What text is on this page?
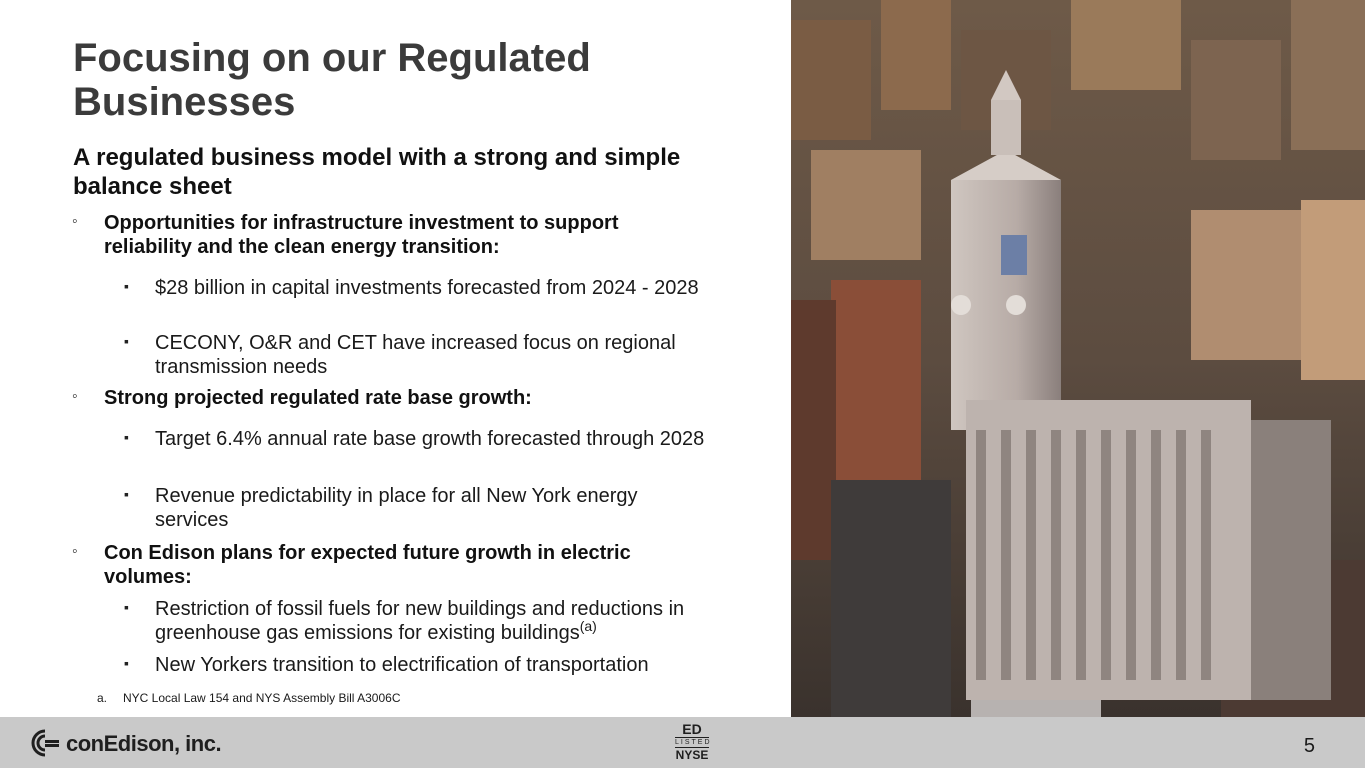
Focusing on our Regulated Businesses
A regulated business model with a strong and simple balance sheet
◦ Opportunities for infrastructure investment to support reliability and the clean energy transition:
▪ $28 billion in capital investments forecasted from 2024 - 2028
▪ CECONY, O&R and CET have increased focus on regional transmission needs
◦ Strong projected regulated rate base growth:
▪ Target 6.4% annual rate base growth forecasted through 2028
▪ Revenue predictability in place for all New York energy services
◦ Con Edison plans for expected future growth in electric volumes:
▪ Restriction of fossil fuels for new buildings and reductions in greenhouse gas emissions for existing buildings$^{(a)}$
▪ New Yorkers transition to electrification of transportation
a. NYC Local Law 154 and NYS Assembly Bill A3006C
conEdison, inc.
ED
LISTED
NYSE	5
